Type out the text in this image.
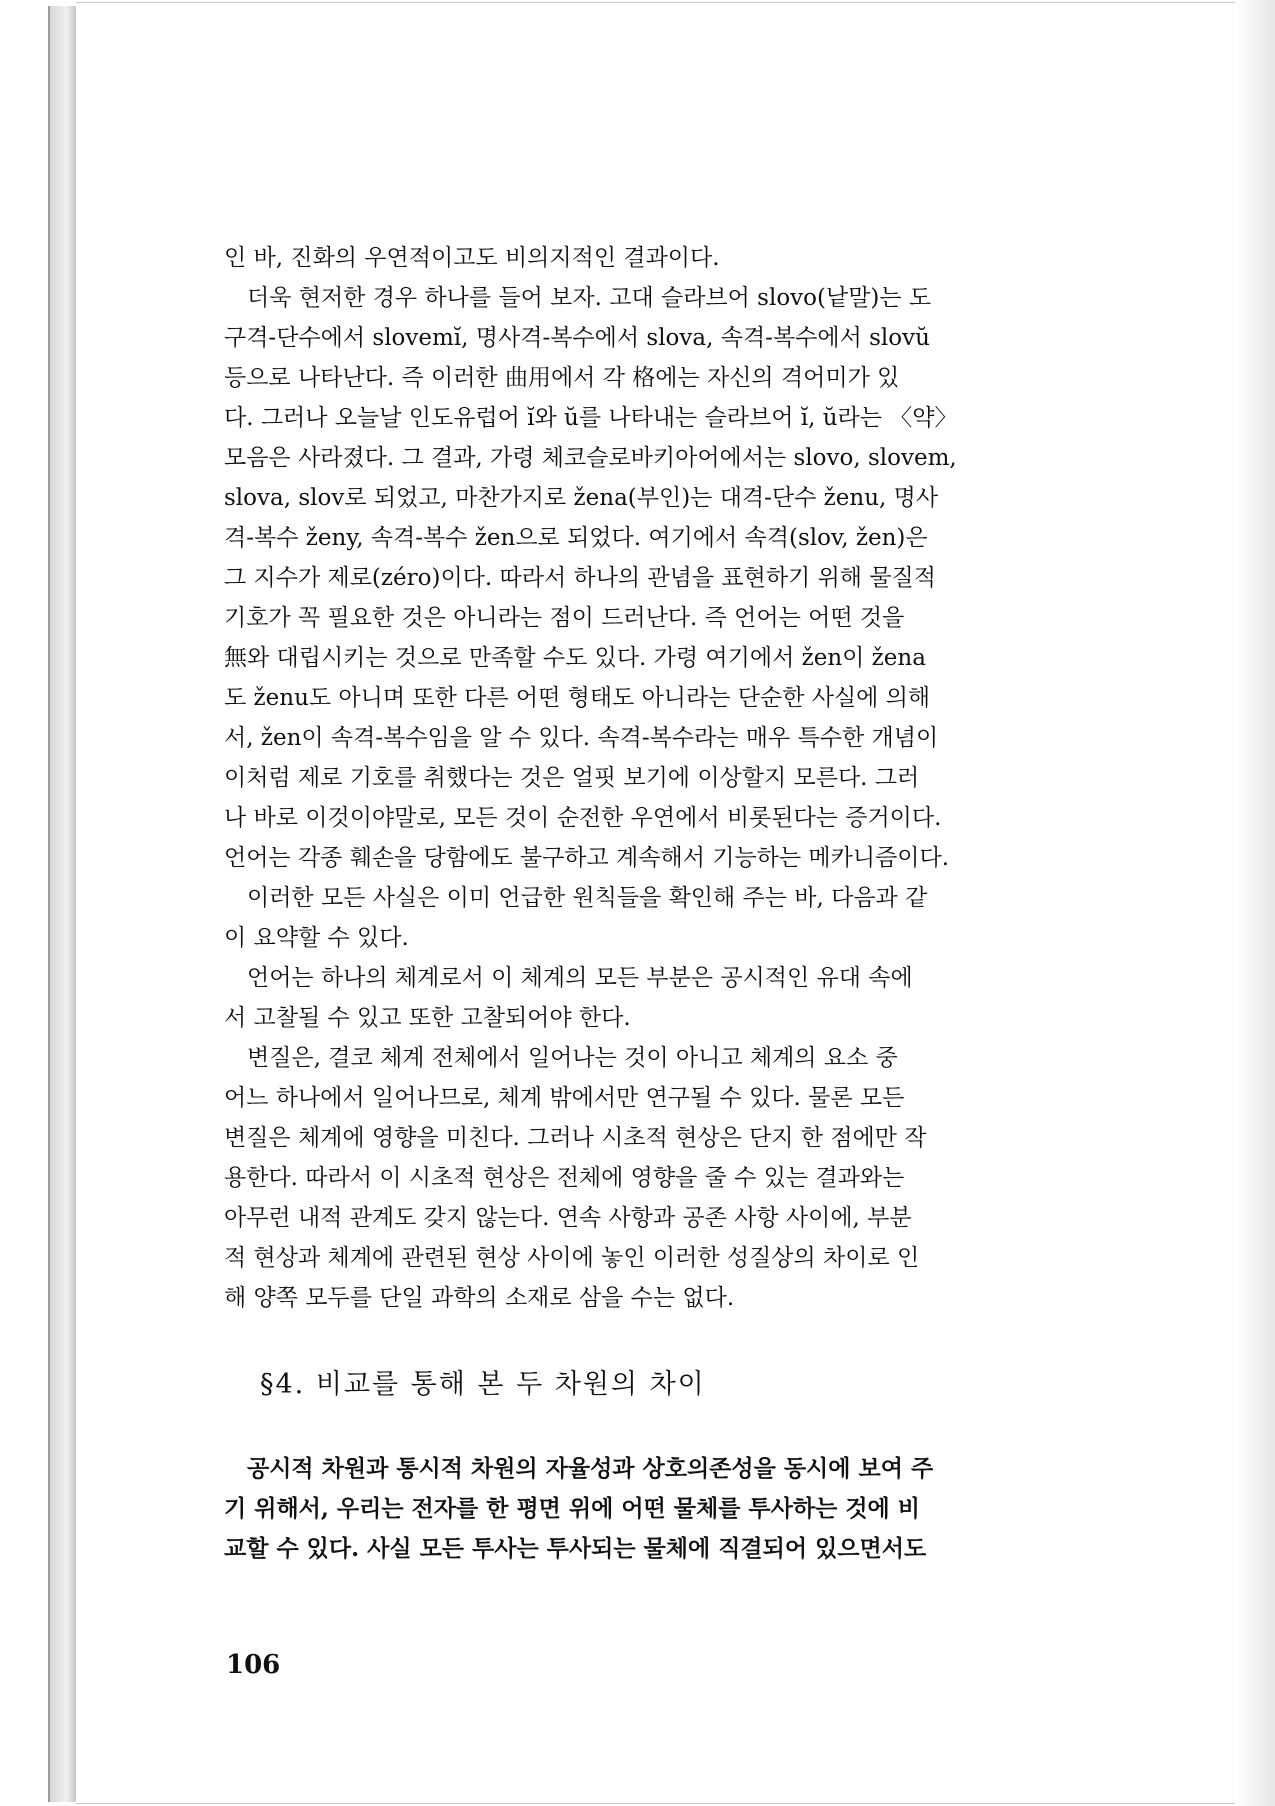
인 바, 진화의 우연적이고도 비의지적인 결과이다.
　더욱 현저한 경우 하나를 들어 보자. 고대 슬라브어 slovo(낱말)는 도
구격-단수에서 slovemĭ, 명사격-복수에서 slova, 속격-복수에서 slovŭ
등으로 나타난다. 즉 이러한 曲用에서 각 格에는 자신의 격어미가 있
다. 그러나 오늘날 인도유럽어 ĭ와 ŭ를 나타내는 슬라브어 ĭ, ŭ라는 〈약〉
모음은 사라졌다. 그 결과, 가령 체코슬로바키아어에서는 slovo, slovem,
slova, slov로 되었고, 마찬가지로 žena(부인)는 대격-단수 ženu, 명사
격-복수 ženy, 속격-복수 žen으로 되었다. 여기에서 속격(slov, žen)은
그 지수가 제로(zéro)이다. 따라서 하나의 관념을 표현하기 위해 물질적
기호가 꼭 필요한 것은 아니라는 점이 드러난다. 즉 언어는 어떤 것을
無와 대립시키는 것으로 만족할 수도 있다. 가령 여기에서 žen이 žena
도 ženu도 아니며 또한 다른 어떤 형태도 아니라는 단순한 사실에 의해
서, žen이 속격-복수임을 알 수 있다. 속격-복수라는 매우 특수한 개념이
이처럼 제로 기호를 취했다는 것은 얼핏 보기에 이상할지 모른다. 그러
나 바로 이것이야말로, 모든 것이 순전한 우연에서 비롯된다는 증거이다.
언어는 각종 훼손을 당함에도 불구하고 계속해서 기능하는 메카니즘이다.
　이러한 모든 사실은 이미 언급한 원칙들을 확인해 주는 바, 다음과 같
이 요약할 수 있다.
　언어는 하나의 체계로서 이 체계의 모든 부분은 공시적인 유대 속에
서 고찰될 수 있고 또한 고찰되어야 한다.
　변질은, 결코 체계 전체에서 일어나는 것이 아니고 체계의 요소 중
어느 하나에서 일어나므로, 체계 밖에서만 연구될 수 있다. 물론 모든
변질은 체계에 영향을 미친다. 그러나 시초적 현상은 단지 한 점에만 작
용한다. 따라서 이 시초적 현상은 전체에 영향을 줄 수 있는 결과와는
아무런 내적 관계도 갖지 않는다. 연속 사항과 공존 사항 사이에, 부분
적 현상과 체계에 관련된 현상 사이에 놓인 이러한 성질상의 차이로 인
해 양쪽 모두를 단일 과학의 소재로 삼을 수는 없다.
§4. 비교를 통해 본 두 차원의 차이
　공시적 차원과 통시적 차원의 자율성과 상호의존성을 동시에 보여 주
기 위해서, 우리는 전자를 한 평면 위에 어떤 물체를 투사하는 것에 비
교할 수 있다. 사실 모든 투사는 투사되는 물체에 직결되어 있으면서도
106
